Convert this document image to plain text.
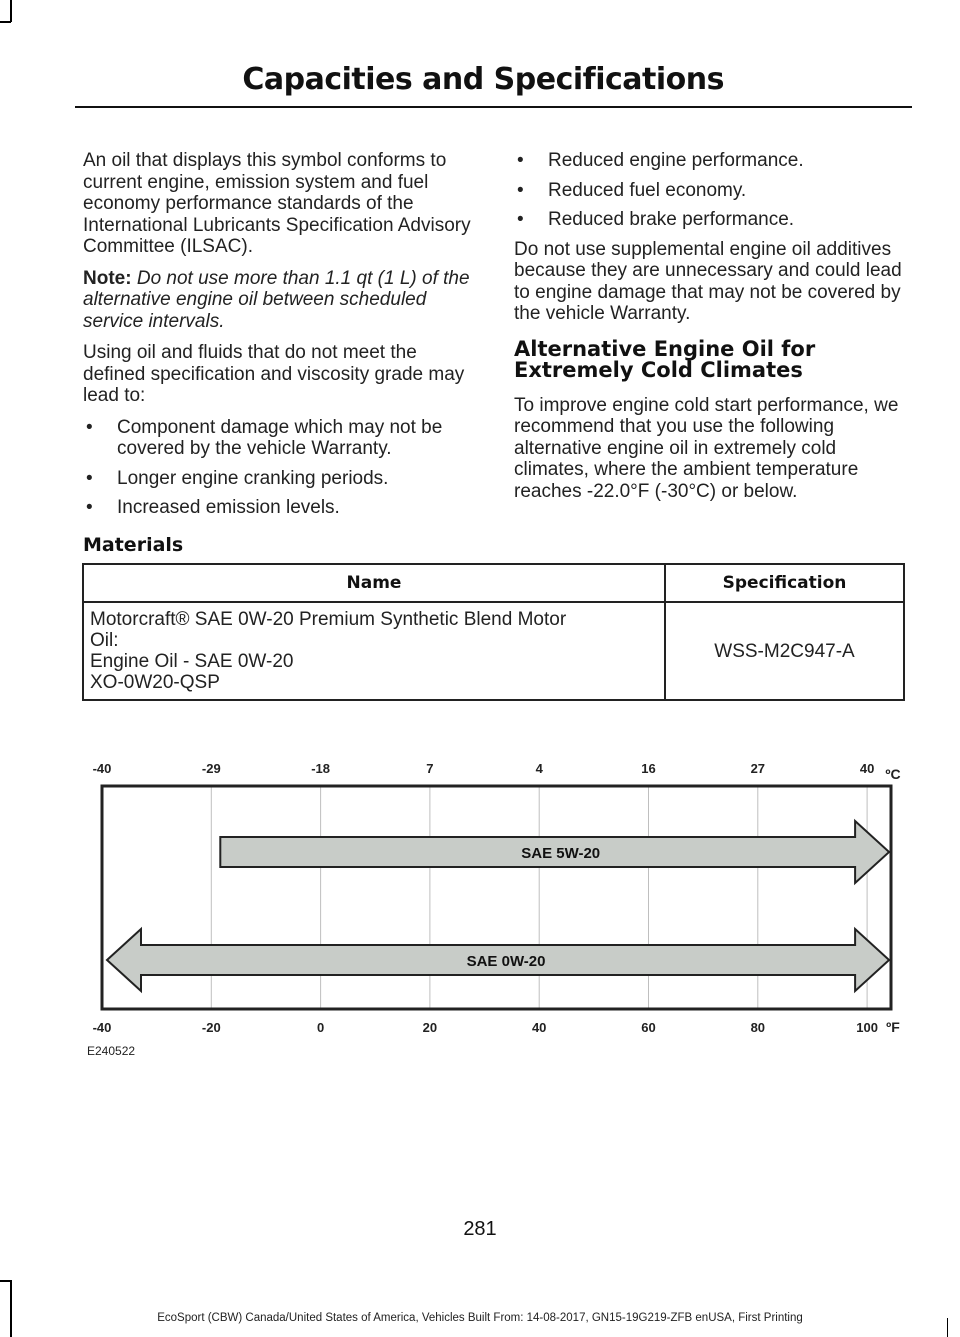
Capacities and Specifications

An oil that displays this symbol conforms to current engine, emission system and fuel economy performance standards of the International Lubricants Specification Advisory Committee (ILSAC).

Note: Do not use more than 1.1 qt (1 L) of the alternative engine oil between scheduled service intervals.

Using oil and fluids that do not meet the defined specification and viscosity grade may lead to:

• Component damage which may not be covered by the vehicle Warranty.
• Longer engine cranking periods.
• Increased emission levels.
• Reduced engine performance.
• Reduced fuel economy.
• Reduced brake performance.

Do not use supplemental engine oil additives because they are unnecessary and could lead to engine damage that may not be covered by the vehicle Warranty.

Alternative Engine Oil for
Extremely Cold Climates

To improve engine cold start performance, we recommend that you use the following alternative engine oil in extremely cold climates, where the ambient temperature reaches -22.0°F (-30°C) or below.

Materials
Name	Specification

Motorcraft® SAE 0W-20 Premium Synthetic Blend Motor
Oil:
Engine Oil - SAE 0W-20
XO-0W20-QSP	WSS-M2C947-A
-40	-29	-18	7	4	16	27	40 ºC
-40	-20	0	20	40	60	80	100 ºF
SAE 5W-20
SAE 0W-20
E240522
281
EcoSport (CBW) Canada/United States of America, Vehicles Built From: 14-08-2017, GN15-19G219-ZFB enUSA, First Printing
